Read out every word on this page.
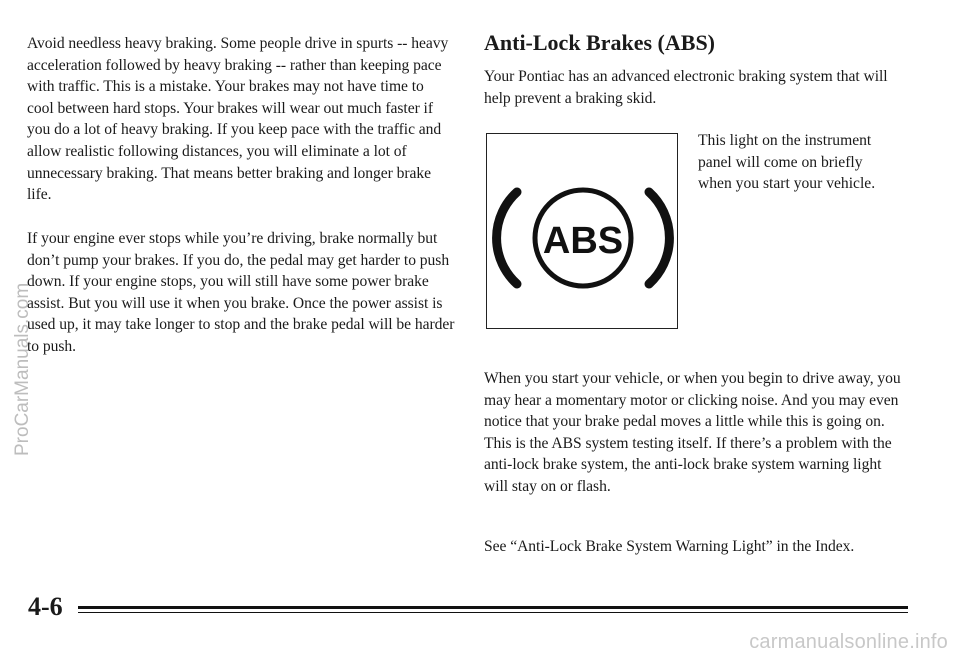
Avoid needless heavy braking. Some people drive in spurts -- heavy acceleration followed by heavy braking -- rather than keeping pace with traffic. This is a mistake. Your brakes may not have time to cool between hard stops. Your brakes will wear out much faster if you do a lot of heavy braking. If you keep pace with the traffic and allow realistic following distances, you will eliminate a lot of unnecessary braking. That means better braking and longer brake life.

If your engine ever stops while you’re driving, brake normally but don’t pump your brakes. If you do, the pedal may get harder to push down. If your engine stops, you will still have some power brake assist. But you will use it when you brake. Once the power assist is used up, it may take longer to stop and the brake pedal will be harder to push.

Anti-Lock Brakes (ABS)

Your Pontiac has an advanced electronic braking system that will help prevent a braking skid.

ABS

This light on the instrument panel will come on briefly when you start your vehicle.

When you start your vehicle, or when you begin to drive away, you may hear a momentary motor or clicking noise. And you may even notice that your brake pedal moves a little while this is going on. This is the ABS system testing itself. If there’s a problem with the anti-lock brake system, the anti-lock brake system warning light will stay on or flash.

See “Anti-Lock Brake System Warning Light” in the Index.

ProCarManuals.com

4-6

carmanualsonline.info
